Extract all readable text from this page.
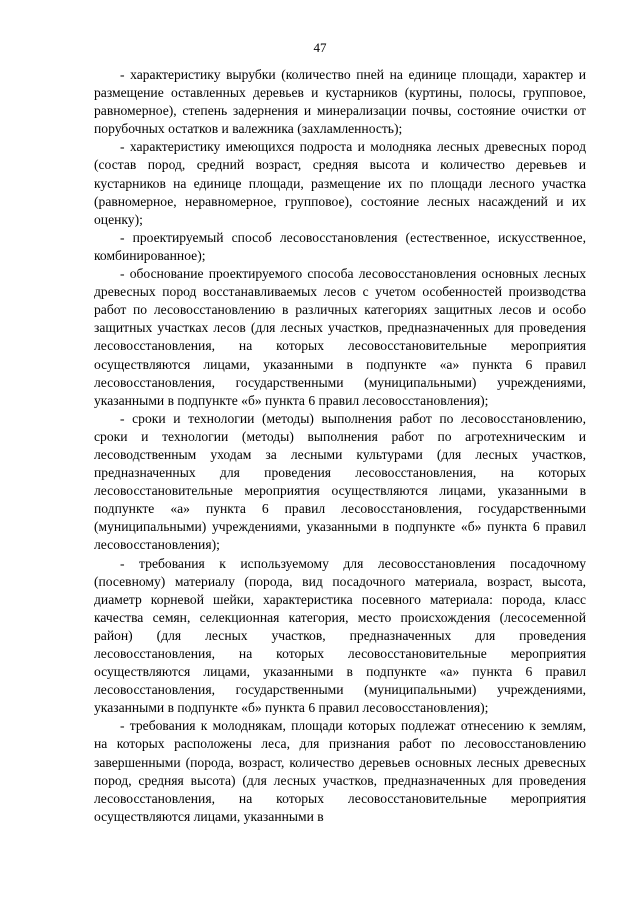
47

- характеристику вырубки (количество пней на единице площади, характер и размещение оставленных деревьев и кустарников (куртины, полосы, групповое, равномерное), степень задернения и минерализации почвы, состояние очистки от порубочных остатков и валежника (захламленность);

- характеристику имеющихся подроста и молодняка лесных древесных пород (состав пород, средний возраст, средняя высота и количество деревьев и кустарников на единице площади, размещение их по площади лесного участка (равномерное, неравномерное, групповое), состояние лесных насаждений и их оценку);

- проектируемый способ лесовосстановления (естественное, искусственное, комбинированное);

- обоснование проектируемого способа лесовосстановления основных лесных древесных пород восстанавливаемых лесов с учетом особенностей производства работ по лесовосстановлению в различных категориях защитных лесов и особо защитных участках лесов (для лесных участков, предназначенных для проведения лесовосстановления, на которых лесовосстановительные мероприятия осуществляются лицами, указанными в подпункте «а» пункта 6 правил лесовосстановления, государственными (муниципальными) учреждениями, указанными в подпункте «б» пункта 6 правил лесовосстановления);

- сроки и технологии (методы) выполнения работ по лесовосстановлению, сроки и технологии (методы) выполнения работ по агротехническим и лесоводственным уходам за лесными культурами (для лесных участков, предназначенных для проведения лесовосстановления, на которых лесовосстановительные мероприятия осуществляются лицами, указанными в подпункте «а» пункта 6 правил лесовосстановления, государственными (муниципальными) учреждениями, указанными в подпункте «б» пункта 6 правил лесовосстановления);

- требования к используемому для лесовосстановления посадочному (посевному) материалу (порода, вид посадочного материала, возраст, высота, диаметр корневой шейки, характеристика посевного материала: порода, класс качества семян, селекционная категория, место происхождения (лесосеменной район) (для лесных участков, предназначенных для проведения лесовосстановления, на которых лесовосстановительные мероприятия осуществляются лицами, указанными в подпункте «а» пункта 6 правил лесовосстановления, государственными (муниципальными) учреждениями, указанными в подпункте «б» пункта 6 правил лесовосстановления);

- требования к молоднякам, площади которых подлежат отнесению к землям, на которых расположены леса, для признания работ по лесовосстановлению завершенными (порода, возраст, количество деревьев основных лесных древесных пород, средняя высота) (для лесных участков, предназначенных для проведения лесовосстановления, на которых лесовосстановительные мероприятия осуществляются лицами, указанными в
